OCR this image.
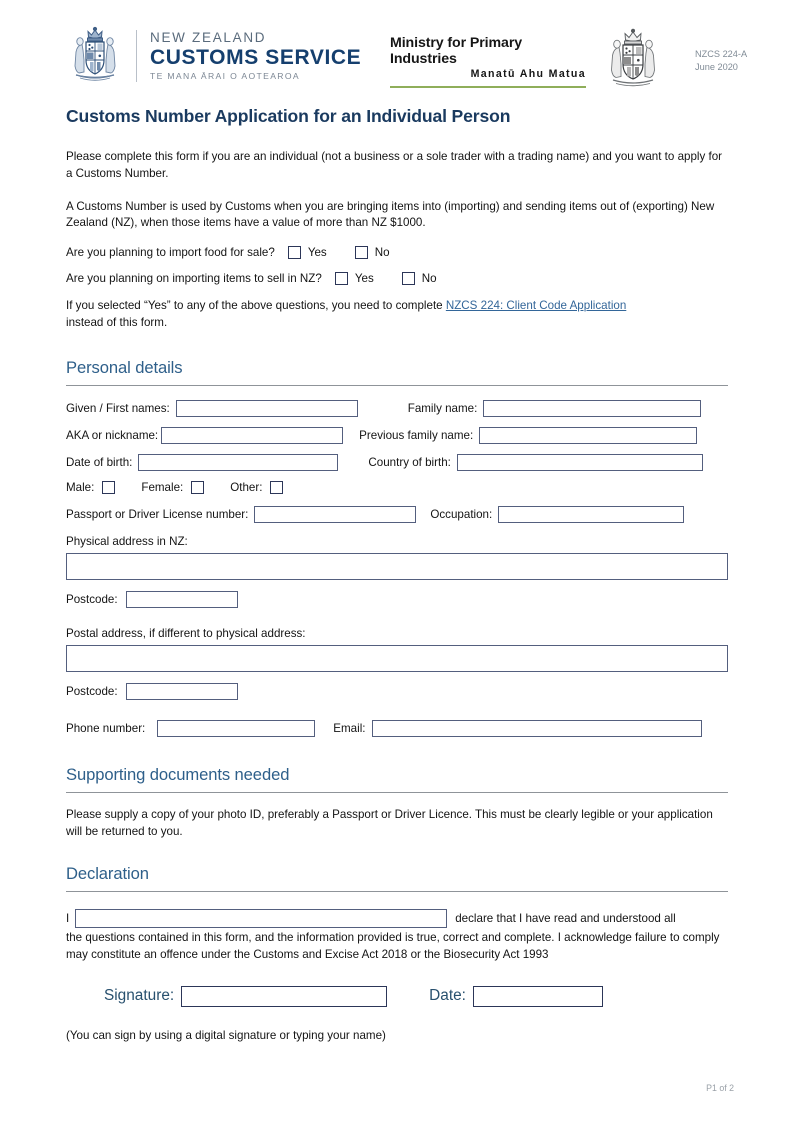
NEW ZEALAND
CUSTOMS SERVICE
TE MANA ĀRAI O AOTEAROA
Ministry for Primary Industries
Manatū Ahu Matua
NZCS 224-A
June 2020
Customs Number Application for an Individual Person

Please complete this form if you are an individual (not a business or a sole trader with a trading name) and you want to apply for a Customs Number.

A Customs Number is used by Customs when you are bringing items into (importing) and sending items out of (exporting) New Zealand (NZ), when those items have a value of more than NZ $1000.

Are you planning to import food for sale?	Yes	No
Are you planning on importing items to sell in NZ?	Yes	No

If you selected “Yes” to any of the above questions, you need to complete NZCS 224: Client Code Application
instead of this form.

Personal details
Given / First names:	Family name:
AKA or nickname:	Previous family name:
Date of birth:	Country of birth:
Male:	Female:	Other:
Passport or Driver License number:	Occupation:
Physical address in NZ:
Postcode:
Postal address, if different to physical address:
Postcode:
Phone number:	Email:
Supporting documents needed

Please supply a copy of your photo ID, preferably a Passport or Driver Licence. This must be clearly legible or your application will be returned to you.

Declaration
I	declare that I have read and understood all

the questions contained in this form, and the information provided is true, correct and complete. I acknowledge failure to comply may constitute an offence under the Customs and Excise Act 2018 or the Biosecurity Act 1993

Signature:	Date:

(You can sign by using a digital signature or typing your name)

P1 of 2
